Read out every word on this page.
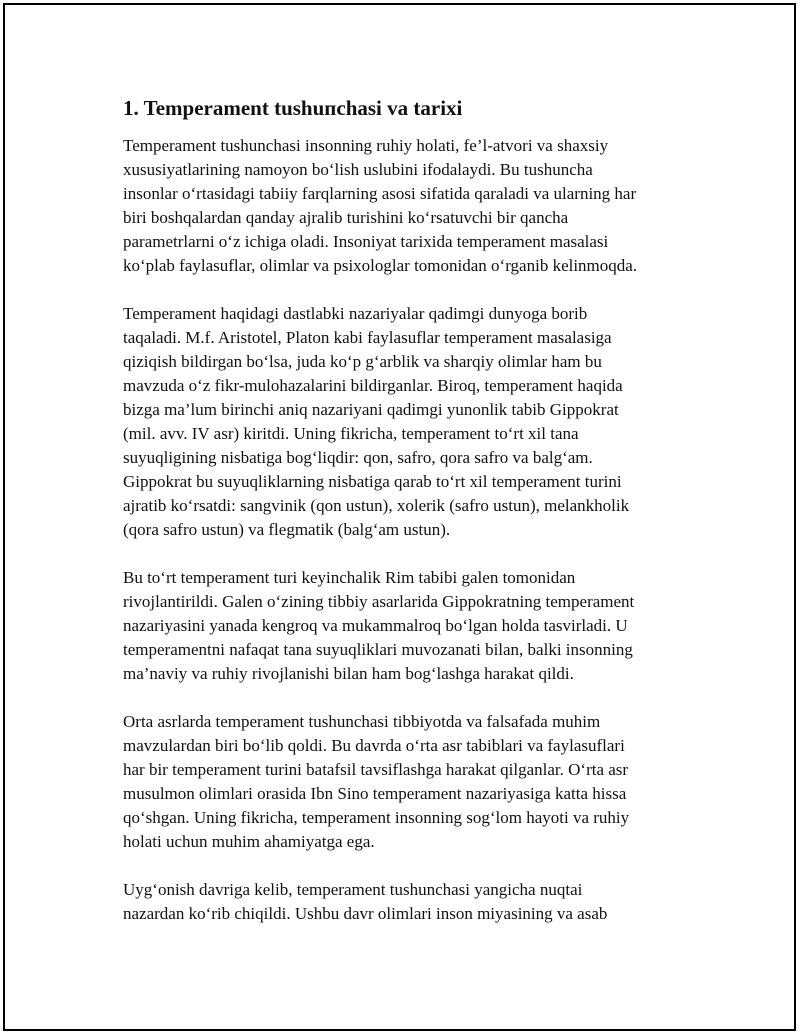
1. Temperament tushuпchasi va tarixi

Temperament tushunchasi insonning ruhiy holati, fe’l-atvori va shaxsiy
xususiyatlarining namoyon bo‘lish uslubini ifodalaydi. Bu tushuncha
insonlar o‘rtasidagi tabiiy farqlarning asosi sifatida qaraladi va ularning har
biri boshqalardan qanday ajralib turishini ko‘rsatuvchi bir qancha
parametrlarni o‘z ichiga oladi. Insoniyat tarixida temperament masalasi
ko‘plab faylasuflar, olimlar va psixologlar tomonidan o‘rganib kelinmoqda.

Temperament haqidagi dastlabki nazariyalar qadimgi dunyoga borib
taqaladi. M.f. Aristotel, Platon kabi faylasuflar temperament masalasiga
qiziqish bildirgan bo‘lsa, juda ko‘p g‘arblik va sharqiy olimlar ham bu
mavzuda o‘z fikr-mulohazalarini bildirganlar. Biroq, temperament haqida
bizga ma’lum birinchi aniq nazariyani qadimgi yunonlik tabib Gippokrat
(mil. avv. IV asr) kiritdi. Uning fikricha, temperament to‘rt xil tana
suyuqligining nisbatiga bog‘liqdir: qon, safro, qora safro va balg‘am.
Gippokrat bu suyuqliklarning nisbatiga qarab to‘rt xil temperament turini
ajratib ko‘rsatdi: sangvinik (qon ustun), xolerik (safro ustun), melankholik
(qora safro ustun) va flegmatik (balg‘am ustun).

Bu to‘rt temperament turi keyinchalik Rim tabibi galen tomonidan
rivojlantirildi. Galen o‘zining tibbiy asarlarida Gippokratning temperament
nazariyasini yanada kengroq va mukammalroq bo‘lgan holda tasvirladi. U
temperamentni nafaqat tana suyuqliklari muvozanati bilan, balki insonning
ma’naviy va ruhiy rivojlanishi bilan ham bog‘lashga harakat qildi.

Orta asrlarda temperament tushunchasi tibbiyotda va falsafada muhim
mavzulardan biri bo‘lib qoldi. Bu davrda o‘rta asr tabiblari va faylasuflari
har bir temperament turini batafsil tavsiflashga harakat qilganlar. O‘rta asr
musulmon olimlari orasida Ibn Sino temperament nazariyasiga katta hissa
qo‘shgan. Uning fikricha, temperament insonning sog‘lom hayoti va ruhiy
holati uchun muhim ahamiyatga ega.

Uyg‘onish davriga kelib, temperament tushunchasi yangicha nuqtai
nazardan ko‘rib chiqildi. Ushbu davr olimlari inson miyasining va asab
